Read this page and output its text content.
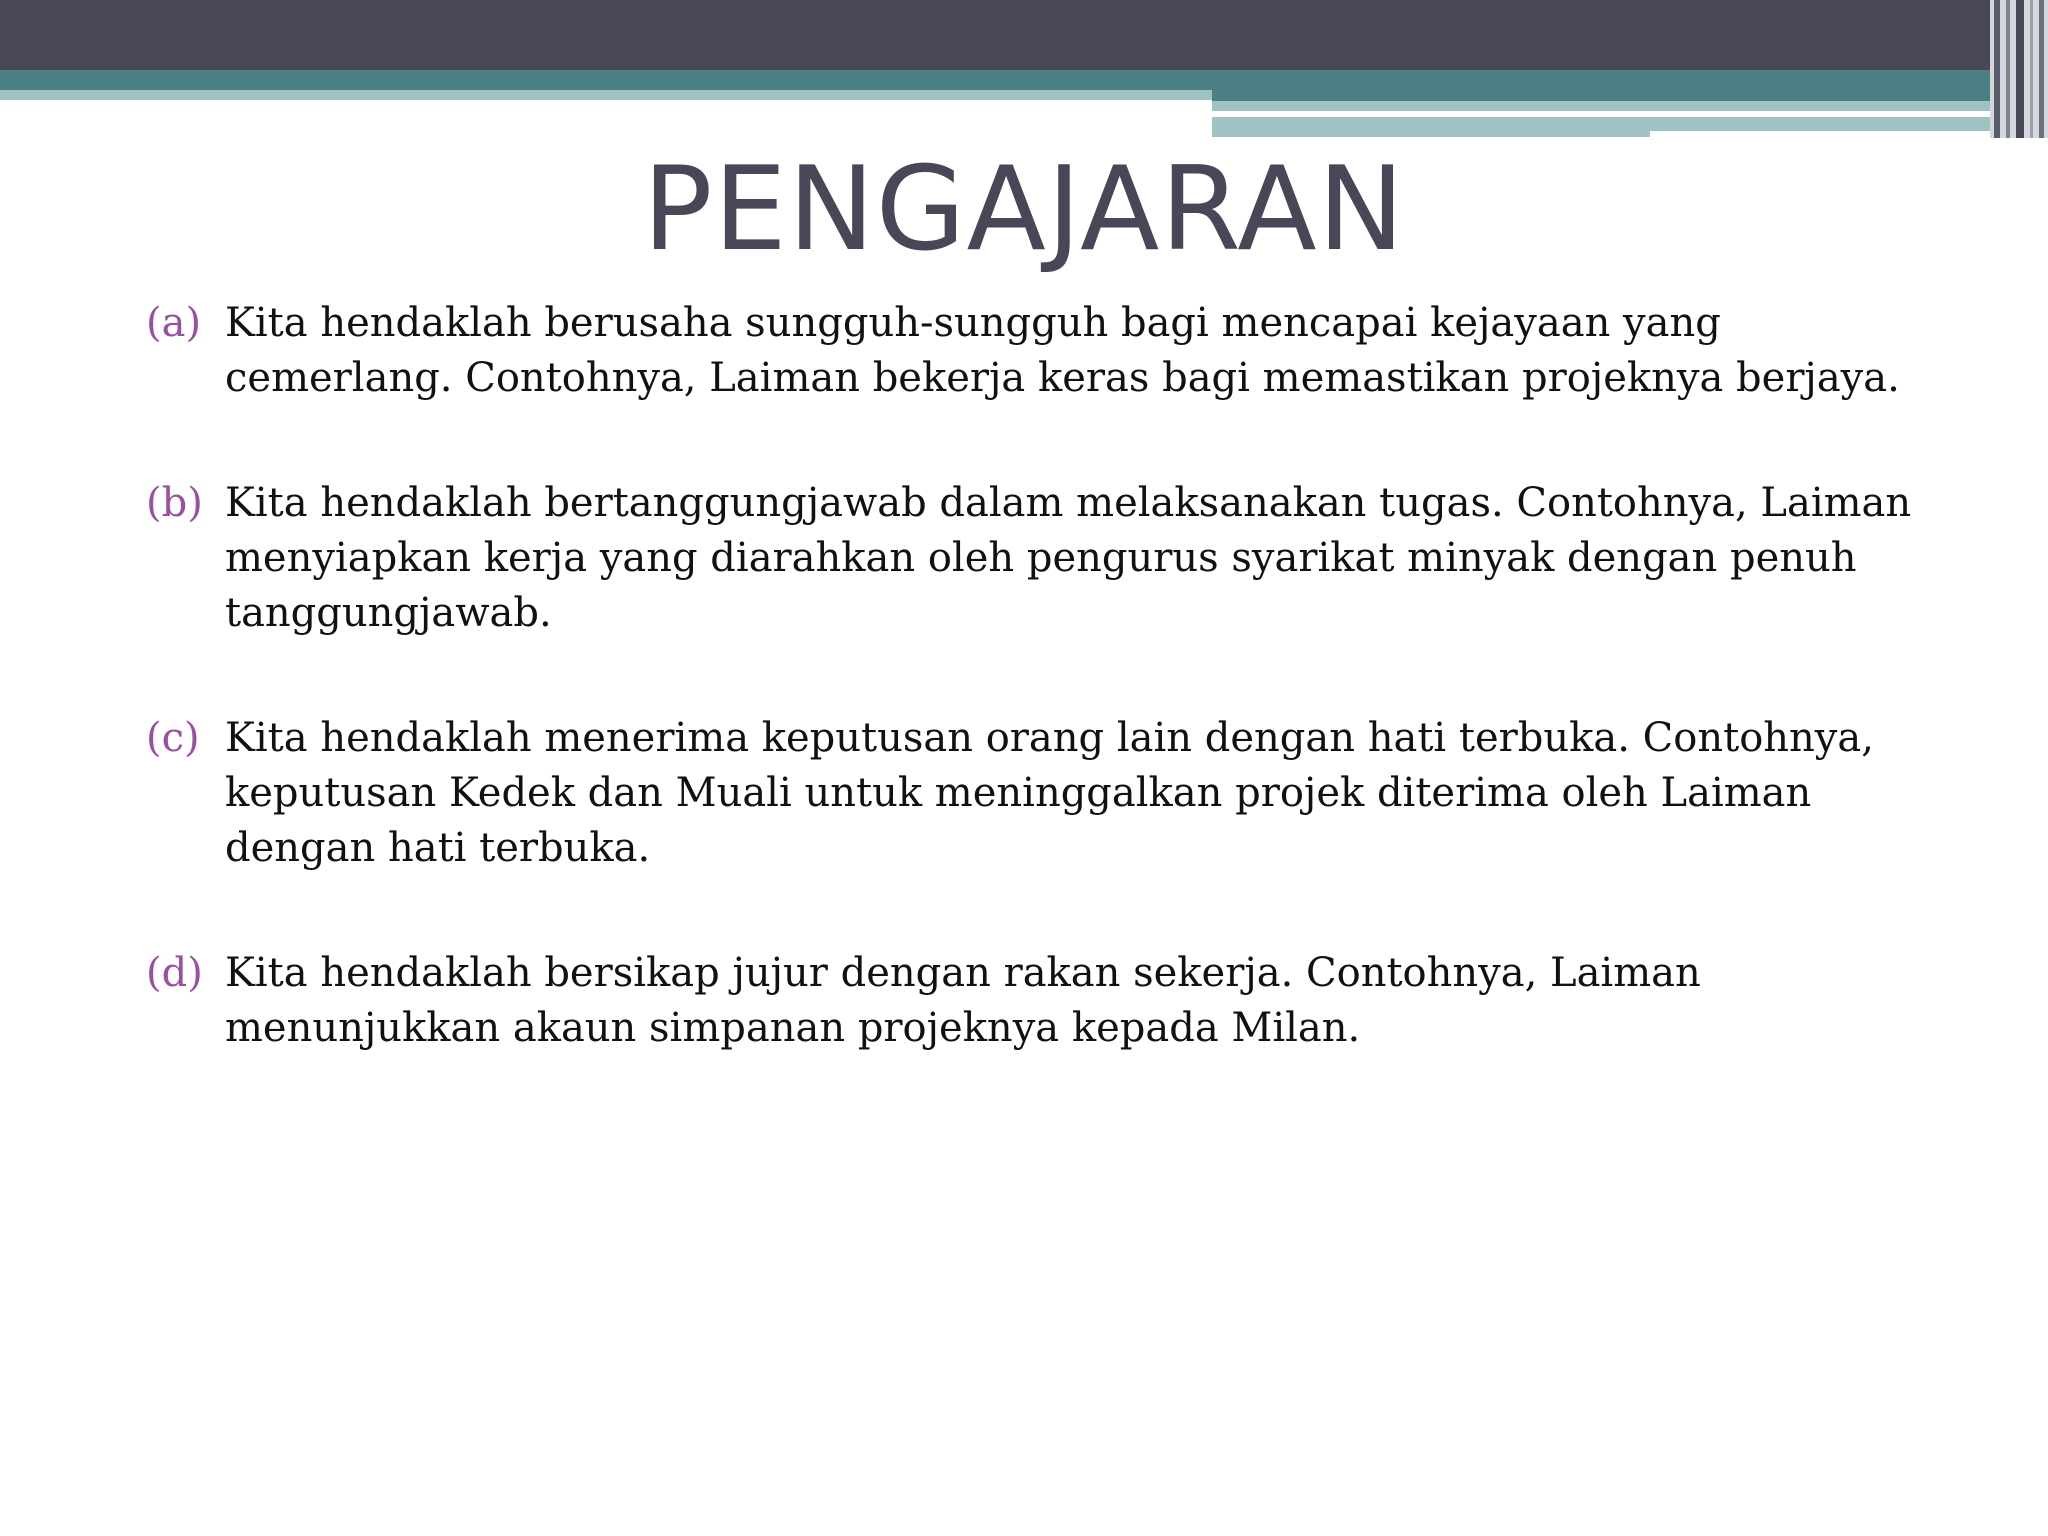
PENGAJARAN
(a) Kita hendaklah berusaha sungguh-sungguh bagi mencapai kejayaan yang cemerlang. Contohnya, Laiman bekerja keras bagi memastikan projeknya berjaya.
(b) Kita hendaklah bertanggungjawab dalam melaksanakan tugas. Contohnya, Laiman menyiapkan kerja yang diarahkan oleh pengurus syarikat minyak dengan penuh tanggungjawab.
(c) Kita hendaklah menerima keputusan orang lain dengan hati terbuka. Contohnya, keputusan Kedek dan Muali untuk meninggalkan projek diterima oleh Laiman dengan hati terbuka.
(d) Kita hendaklah bersikap jujur dengan rakan sekerja. Contohnya, Laiman menunjukkan akaun simpanan projeknya kepada Milan.
